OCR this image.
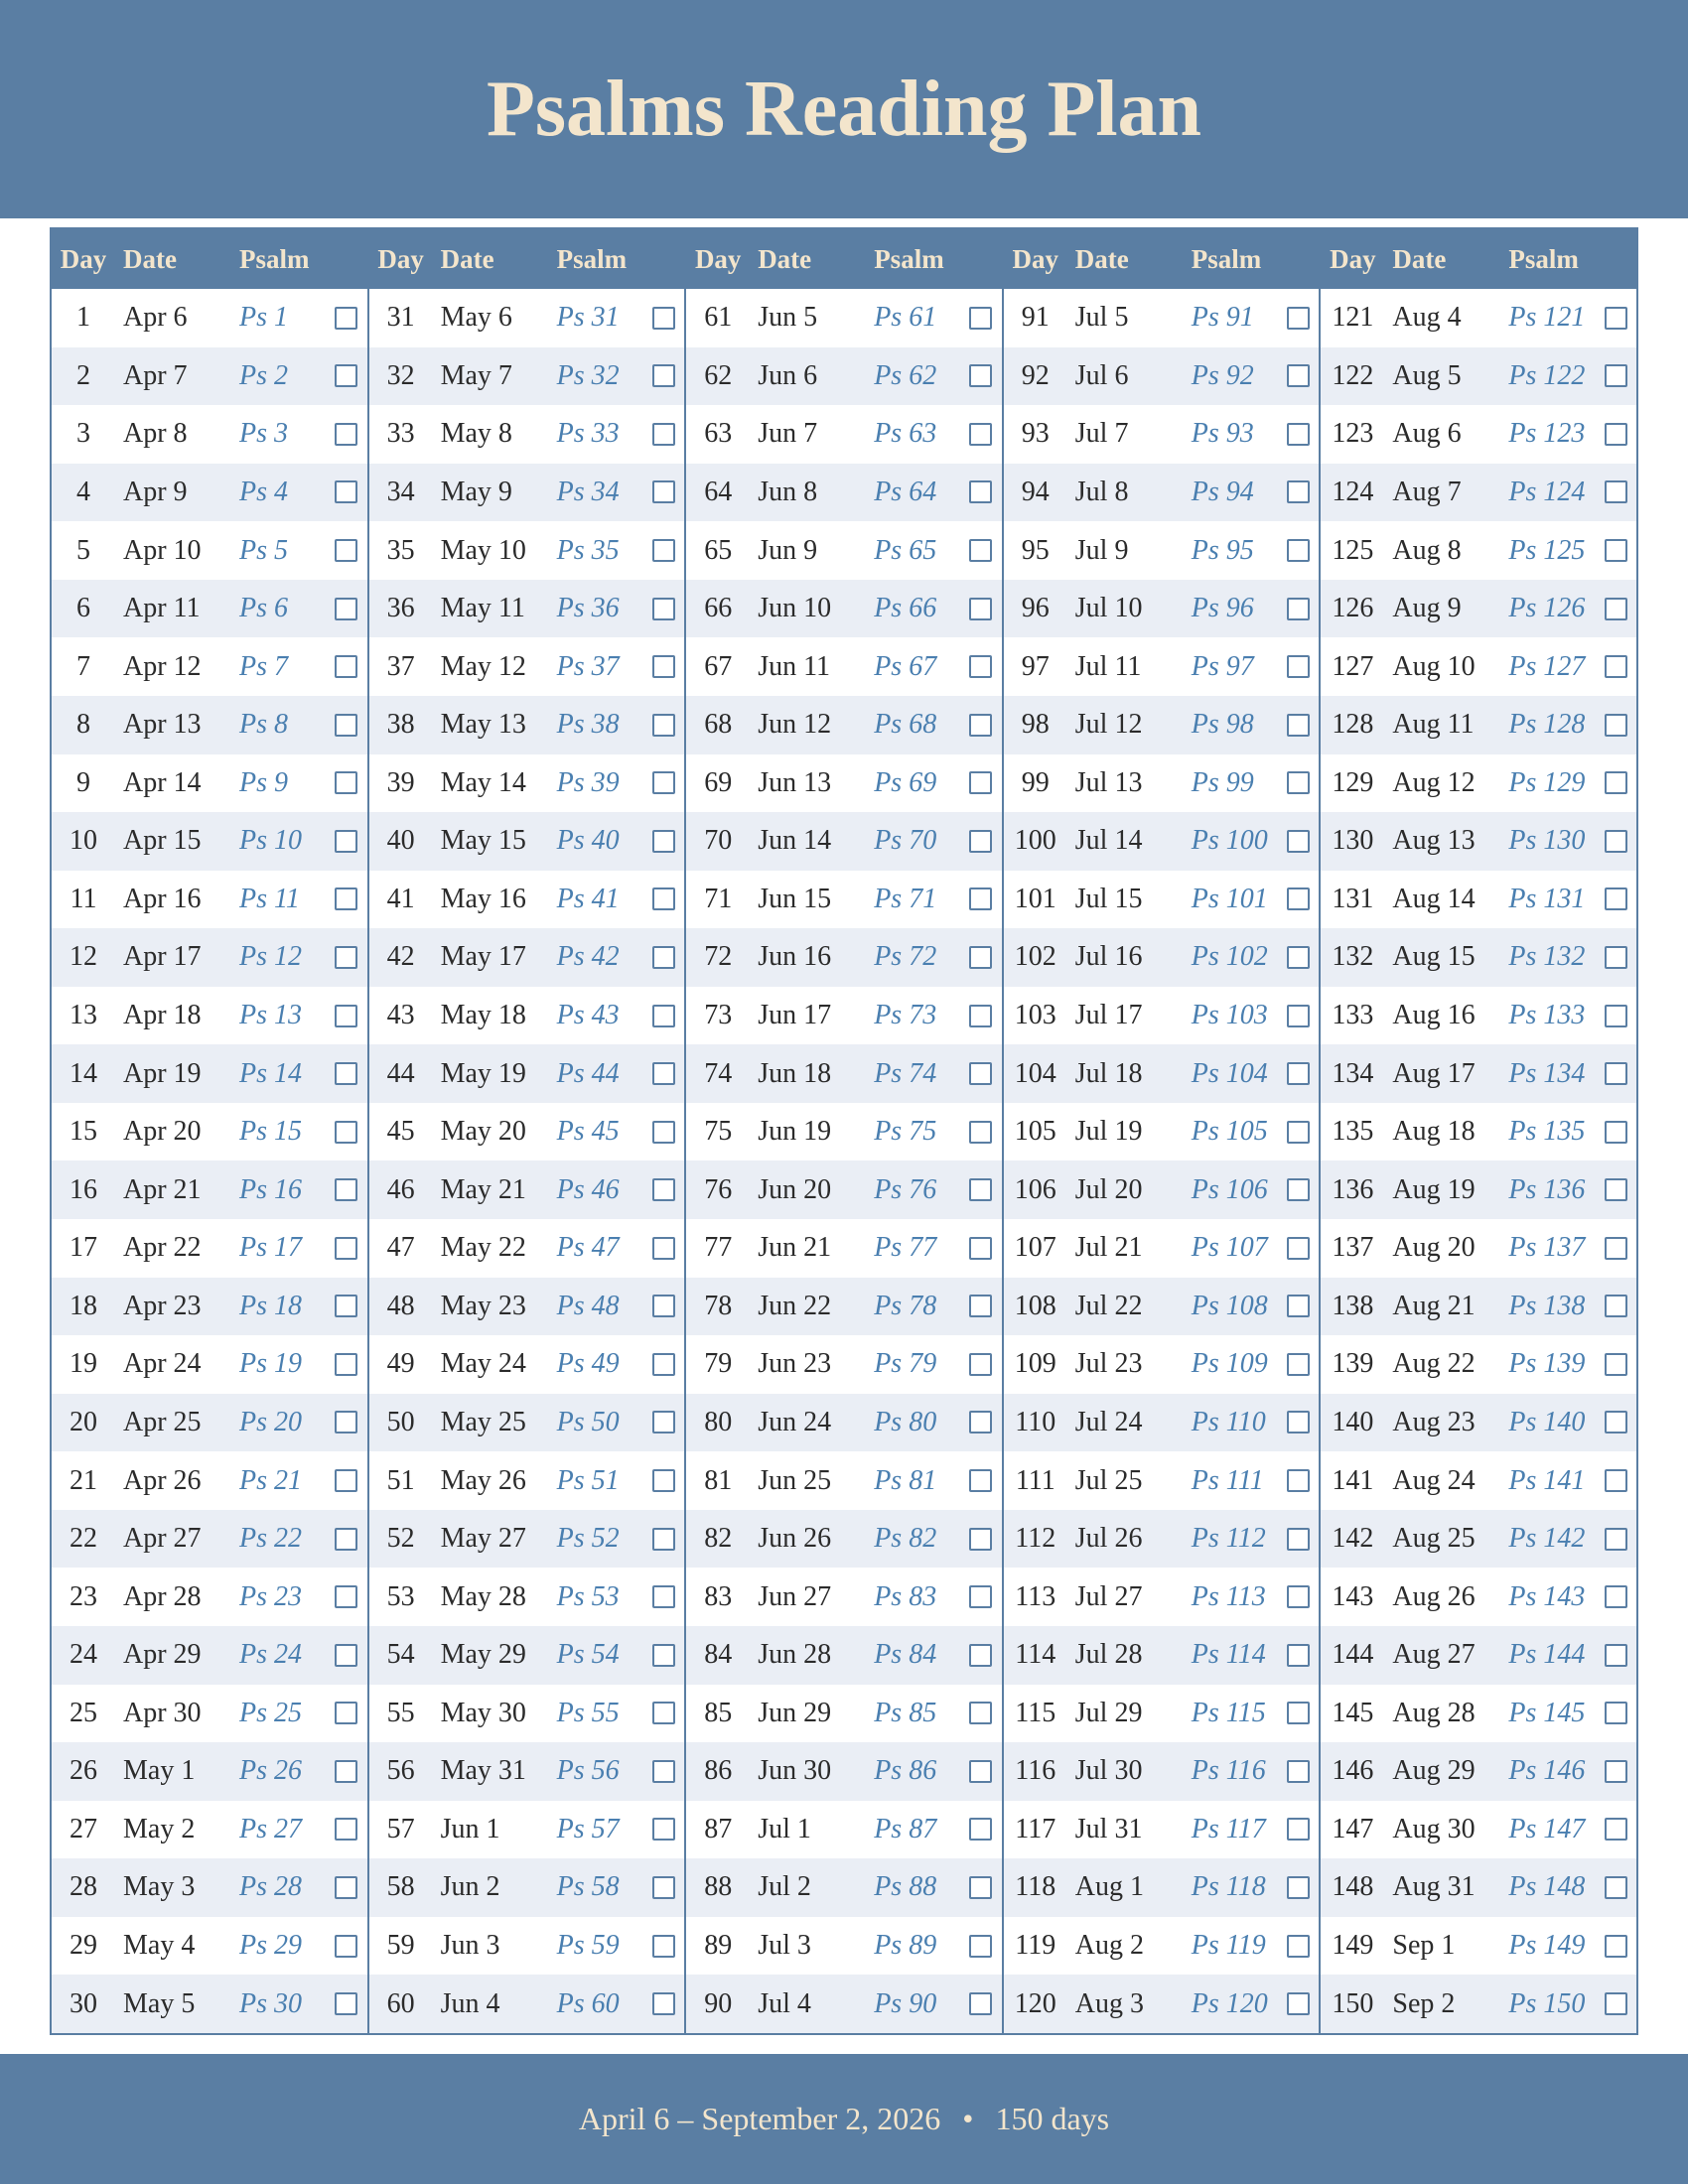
Psalms Reading Plan
Day Date	Psalm
1	Apr 6	Ps 1
2	Apr 7	Ps 2
3	Apr 8	Ps 3
4	Apr 9	Ps 4
5	Apr 10	Ps 5
6	Apr 11	Ps 6
7	Apr 12	Ps 7
8	Apr 13	Ps 8
9	Apr 14	Ps 9
10 Apr 15	Ps 10
11 Apr 16	Ps 11
12 Apr 17	Ps 12
13 Apr 18	Ps 13
14 Apr 19	Ps 14
15 Apr 20	Ps 15
16 Apr 21	Ps 16
17 Apr 22	Ps 17
18 Apr 23	Ps 18
19 Apr 24	Ps 19
20 Apr 25	Ps 20
21 Apr 26	Ps 21
22 Apr 27	Ps 22
23 Apr 28	Ps 23
24 Apr 29	Ps 24
25 Apr 30	Ps 25
26 May 1	Ps 26
27 May 2	Ps 27
28 May 3	Ps 28
29 May 4	Ps 29
30 May 5	Ps 30
Day Date	Psalm
31 May 6	Ps 31
32 May 7	Ps 32
33 May 8	Ps 33
34 May 9	Ps 34
35 May 10	Ps 35
36 May 11	Ps 36
37 May 12	Ps 37
38 May 13	Ps 38
39 May 14	Ps 39
40 May 15	Ps 40
41 May 16	Ps 41
42 May 17	Ps 42
43 May 18	Ps 43
44 May 19	Ps 44
45 May 20	Ps 45
46 May 21	Ps 46
47 May 22	Ps 47
48 May 23	Ps 48
49 May 24	Ps 49
50 May 25	Ps 50
51 May 26	Ps 51
52 May 27	Ps 52
53 May 28	Ps 53
54 May 29	Ps 54
55 May 30	Ps 55
56 May 31	Ps 56
57 Jun 1	Ps 57
58 Jun 2	Ps 58
59 Jun 3	Ps 59
60 Jun 4	Ps 60
Day Date	Psalm
61 Jun 5	Ps 61
62 Jun 6	Ps 62
63 Jun 7	Ps 63
64 Jun 8	Ps 64
65 Jun 9	Ps 65
66 Jun 10	Ps 66
67 Jun 11	Ps 67
68 Jun 12	Ps 68
69 Jun 13	Ps 69
70 Jun 14	Ps 70
71 Jun 15	Ps 71
72 Jun 16	Ps 72
73 Jun 17	Ps 73
74 Jun 18	Ps 74
75 Jun 19	Ps 75
76 Jun 20	Ps 76
77 Jun 21	Ps 77
78 Jun 22	Ps 78
79 Jun 23	Ps 79
80 Jun 24	Ps 80
81 Jun 25	Ps 81
82 Jun 26	Ps 82
83 Jun 27	Ps 83
84 Jun 28	Ps 84
85 Jun 29	Ps 85
86 Jun 30	Ps 86
87 Jul 1	Ps 87
88 Jul 2	Ps 88
89 Jul 3	Ps 89
90 Jul 4	Ps 90
Day Date	Psalm
91 Jul 5	Ps 91
92 Jul 6	Ps 92
93 Jul 7	Ps 93
94 Jul 8	Ps 94
95 Jul 9	Ps 95
96 Jul 10	Ps 96
97 Jul 11	Ps 97
98 Jul 12	Ps 98
99 Jul 13	Ps 99
100 Jul 14	Ps 100
101 Jul 15	Ps 101
102 Jul 16	Ps 102
103 Jul 17	Ps 103
104 Jul 18	Ps 104
105 Jul 19	Ps 105
106 Jul 20	Ps 106
107 Jul 21	Ps 107
108 Jul 22	Ps 108
109 Jul 23	Ps 109
110 Jul 24	Ps 110
111 Jul 25	Ps 111
112 Jul 26	Ps 112
113 Jul 27	Ps 113
114 Jul 28	Ps 114
115 Jul 29	Ps 115
116 Jul 30	Ps 116
117 Jul 31	Ps 117
118 Aug 1	Ps 118
119 Aug 2	Ps 119
120 Aug 3	Ps 120
Day Date	Psalm
121 Aug 4	Ps 121
122 Aug 5	Ps 122
123 Aug 6	Ps 123
124 Aug 7	Ps 124
125 Aug 8	Ps 125
126 Aug 9	Ps 126
127 Aug 10	Ps 127
128 Aug 11	Ps 128
129 Aug 12	Ps 129
130 Aug 13	Ps 130
131 Aug 14	Ps 131
132 Aug 15	Ps 132
133 Aug 16	Ps 133
134 Aug 17	Ps 134
135 Aug 18	Ps 135
136 Aug 19	Ps 136
137 Aug 20	Ps 137
138 Aug 21	Ps 138
139 Aug 22	Ps 139
140 Aug 23	Ps 140
141 Aug 24	Ps 141
142 Aug 25	Ps 142
143 Aug 26	Ps 143
144 Aug 27	Ps 144
145 Aug 28	Ps 145
146 Aug 29	Ps 146
147 Aug 30	Ps 147
148 Aug 31	Ps 148
149 Sep 1	Ps 149
150 Sep 2	Ps 150
April 6 – September 2, 2026 • 150 days
